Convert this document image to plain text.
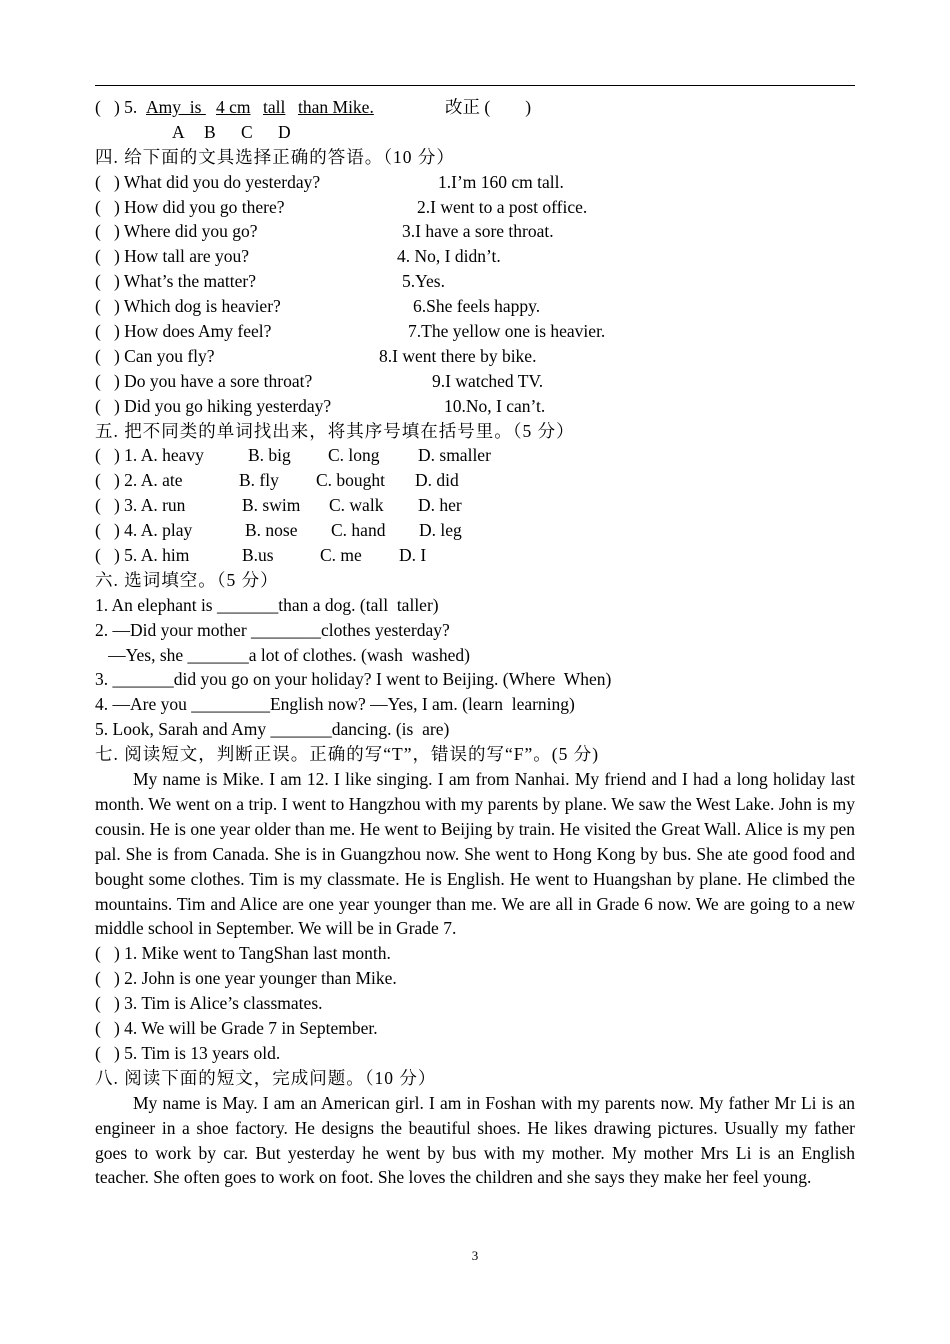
(   ) 5.

Amy  is

4 cm

tall

than Mike.

	改正 (        )

A

B

C

D

四. 给下面的文具选择正确的答语。（10 分）
(   ) What did you do yesterday?	1.I’m 160 cm tall.
(   ) How did you go there?	2.I went to a post office.
(   ) Where did you go?	3.I have a sore throat.
(   ) How tall are you?	4. No, I didn’t.
(   ) What’s the matter?	5.Yes.
(   ) Which dog is heavier?	6.She feels happy.
(   ) How does Amy feel?	7.The yellow one is heavier.
(   ) Can you fly?	8.I went there by bike.
(   ) Do you have a sore throat?	9.I watched TV.
(   ) Did you go hiking yesterday?	10.No, I can’t.
五. 把不同类的单词找出来，将其序号填在括号里。（5 分）
(   ) 1. A. heavy	B. big C. long D. smaller
(   ) 2. A. ate	B. fly C. bought D. did
(   ) 3. A. run	B. swim C. walk D. her
(   ) 4. A. play	B. nose C. hand D. leg
(   ) 5. A. him	B.us	C. me D. I
六. 选词填空。（5 分）
1. An elephant is _______than a dog. (tall  taller)
2. —Did your mother ________clothes yesterday?
—Yes, she _______a lot of clothes. (wash  washed)
3. _______did you go on your holiday? I went to Beijing. (Where  When)
4. —Are you _________English now? —Yes, I am. (learn  learning)
5. Look, Sarah and Amy _______dancing. (is  are)
七. 阅读短文，判断正误。正确的写“T”，错误的写“F”。(5 分)
My name is Mike. I am 12. I like singing. I am from Nanhai. My friend and I had a long holiday last month. We went on a trip. I went to Hangzhou with my parents by plane. We saw the West Lake. John is my cousin. He is one year older than me. He went to Beijing by train. He visited the Great Wall. Alice is my pen pal. She is from Canada. She is in Guangzhou now. She went to Hong Kong by bus. She ate good food and bought some clothes. Tim is my classmate. He is English. He went to Huangshan by plane. He climbed the mountains. Tim and Alice are one year younger than me. We are all in Grade 6 now. We are going to a new middle school in September. We will be in Grade 7.
(   ) 1. Mike went to TangShan last month.
(   ) 2. John is one year younger than Mike.
(   ) 3. Tim is Alice’s classmates.
(   ) 4. We will be Grade 7 in September.
(   ) 5. Tim is 13 years old.
八. 阅读下面的短文，完成问题。（10 分）
My name is May. I am an American girl. I am in Foshan with my parents now. My father Mr Li is an engineer in a shoe factory. He designs the beautiful shoes. He likes drawing pictures. Usually my father goes to work by car. But yesterday he went by bus with my mother. My mother Mrs Li is an English teacher. She often goes to work on foot. She loves the children and she says they make her feel young.
3
